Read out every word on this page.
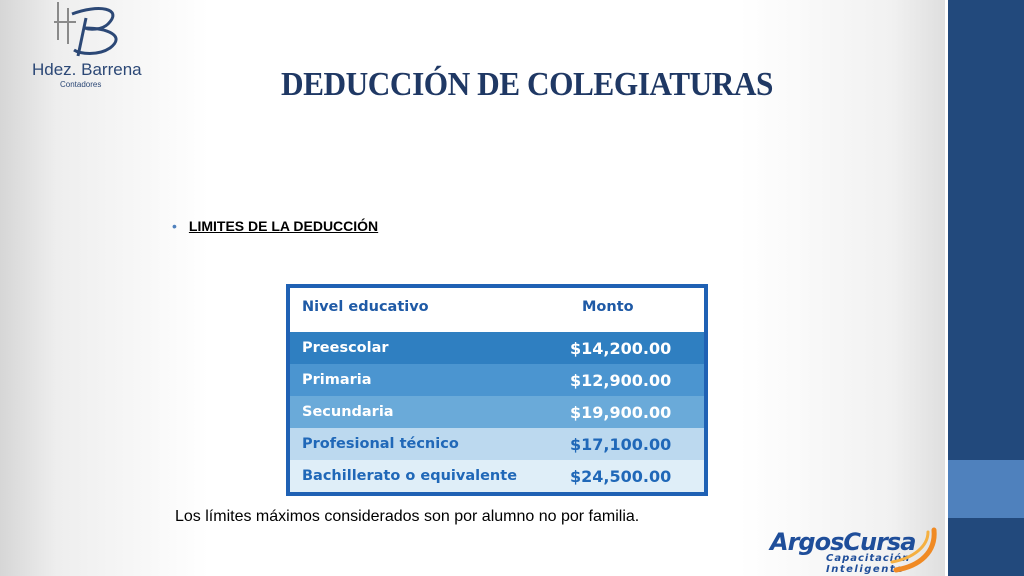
Hdez. Barrena
Contadores	DEDUCCIÓN DE COLEGIATURAS
• LIMITES DE LA DEDUCCIÓN
Nivel educativo	Monto
Preescolar	$14,200.00
Primaria	$12,900.00
Secundaria	$19,900.00
Profesional técnico	$17,100.00
Bachillerato o equivalente	$24,500.00
Los límites máximos considerados son por alumno no por familia.
ArgosCursa
Capacitación
Inteligente
